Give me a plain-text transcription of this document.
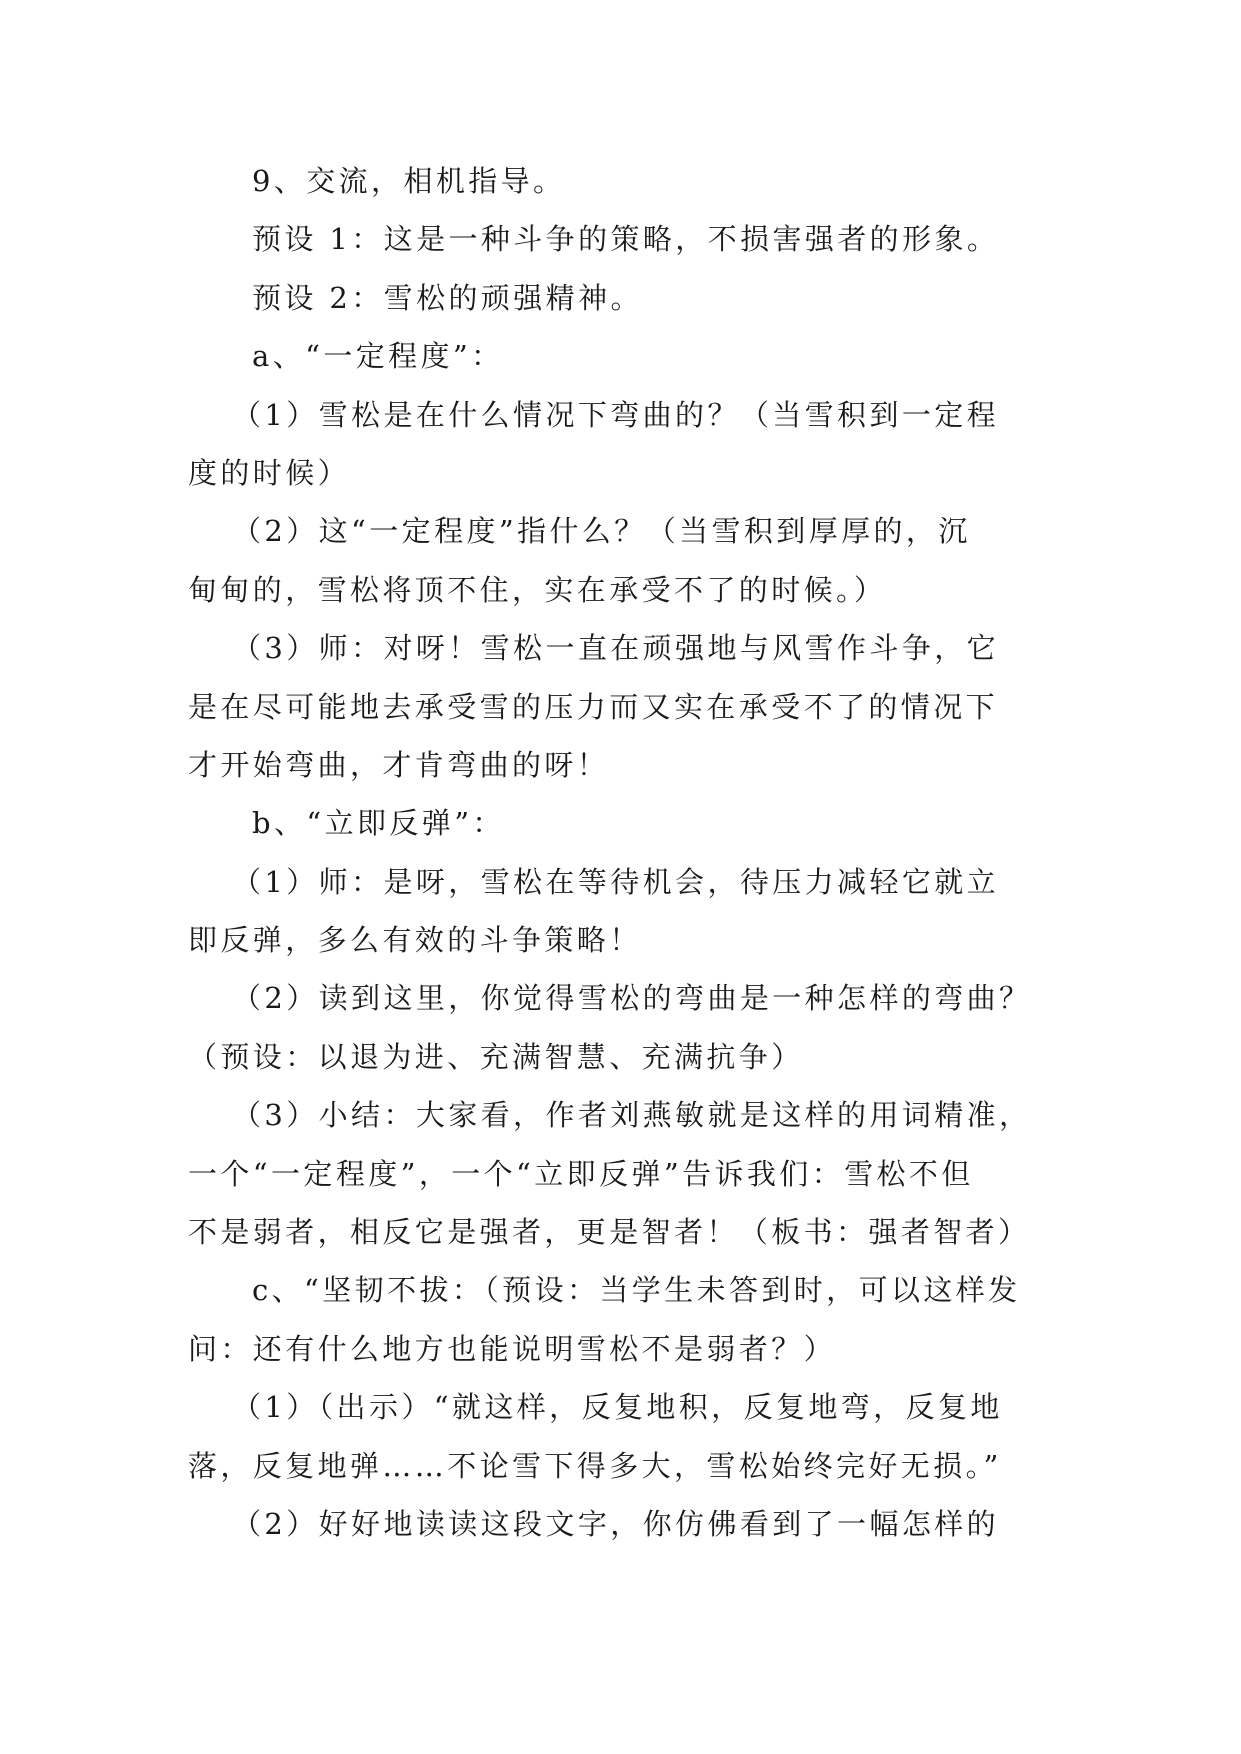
9、交流，相机指导。
预设 1：这是一种斗争的策略，不损害强者的形象。
预设 2：雪松的顽强精神。
a、“一定程度”：
（1）雪松是在什么情况下弯曲的？（当雪积到一定程
度的时候）
（2）这“一定程度”指什么？（当雪积到厚厚的，沉
甸甸的，雪松将顶不住，实在承受不了的时候。）
（3）师：对呀！雪松一直在顽强地与风雪作斗争，它
是在尽可能地去承受雪的压力而又实在承受不了的情况下
才开始弯曲，才肯弯曲的呀！
b、“立即反弹”：
（1）师：是呀，雪松在等待机会，待压力减轻它就立
即反弹，多么有效的斗争策略！
（2）读到这里，你觉得雪松的弯曲是一种怎样的弯曲？
（预设：以退为进、充满智慧、充满抗争）
（3）小结：大家看，作者刘燕敏就是这样的用词精准，
一个“一定程度”，一个“立即反弹”告诉我们：雪松不但
不是弱者，相反它是强者，更是智者！（板书：强者智者）
c、“坚韧不拔：（预设：当学生未答到时，可以这样发
问：还有什么地方也能说明雪松不是弱者？）
（1）（出示）“就这样，反复地积，反复地弯，反复地
落，反复地弹……不论雪下得多大，雪松始终完好无损。”
（2）好好地读读这段文字，你仿佛看到了一幅怎样的
